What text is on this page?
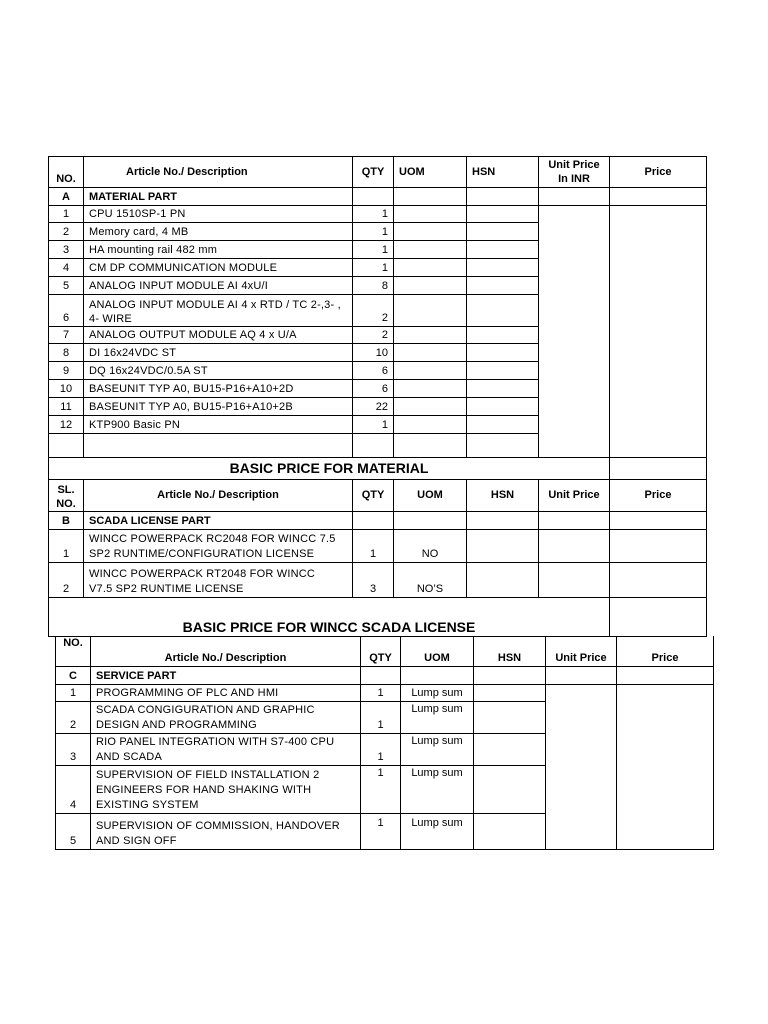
NO.	Article No./ Description	QTY	UOM	HSN	Unit Price In INR	Price
A	MATERIAL PART					
1	CPU 1510SP-1 PN	1				
2	Memory card, 4 MB	1				
3	HA mounting rail 482 mm	1				
4	CM DP COMMUNICATION MODULE	1				
5	ANALOG INPUT MODULE AI 4xU/I	8				
6	ANALOG INPUT MODULE AI 4 x RTD / TC 2-,3- , 4- WIRE	2				
7	ANALOG OUTPUT MODULE AQ 4 x U/A	2				
8	DI 16x24VDC ST	10				
9	DQ 16x24VDC/0.5A ST	6				
10	BASEUNIT TYP A0, BU15-P16+A10+2D	6				
11	BASEUNIT TYP A0, BU15-P16+A10+2B	22				
12	KTP900 Basic PN	1				

BASIC PRICE FOR MATERIAL						
SL. NO.	Article No./ Description	QTY	UOM	HSN	Unit Price	Price
B	SCADA LICENSE PART					
1	WINCC POWERPACK RC2048 FOR WINCC 7.5
SP2 RUNTIME/CONFIGURATION LICENSE	1	NO			
2	WINCC POWERPACK RT2048 FOR WINCC
V7.5 SP2 RUNTIME LICENSE	3	NO’S			
BASIC PRICE FOR WINCC SCADA LICENSE						
NO.	Article No./ Description	QTY	UOM	HSN	Unit Price	Price
C	SERVICE PART					
1	PROGRAMMING OF PLC AND HMI	1	Lump sum			
2	SCADA CONGIGURATION AND GRAPHIC
DESIGN AND PROGRAMMING	1	Lump sum			
3	RIO PANEL INTEGRATION WITH S7-400 CPU
AND SCADA	1	Lump sum			
4	SUPERVISION OF FIELD INSTALLATION 2
ENGINEERS FOR HAND SHAKING WITH
EXISTING SYSTEM	1	Lump sum			
5	SUPERVISION OF COMMISSION, HANDOVER
AND SIGN OFF	1	Lump sum			
